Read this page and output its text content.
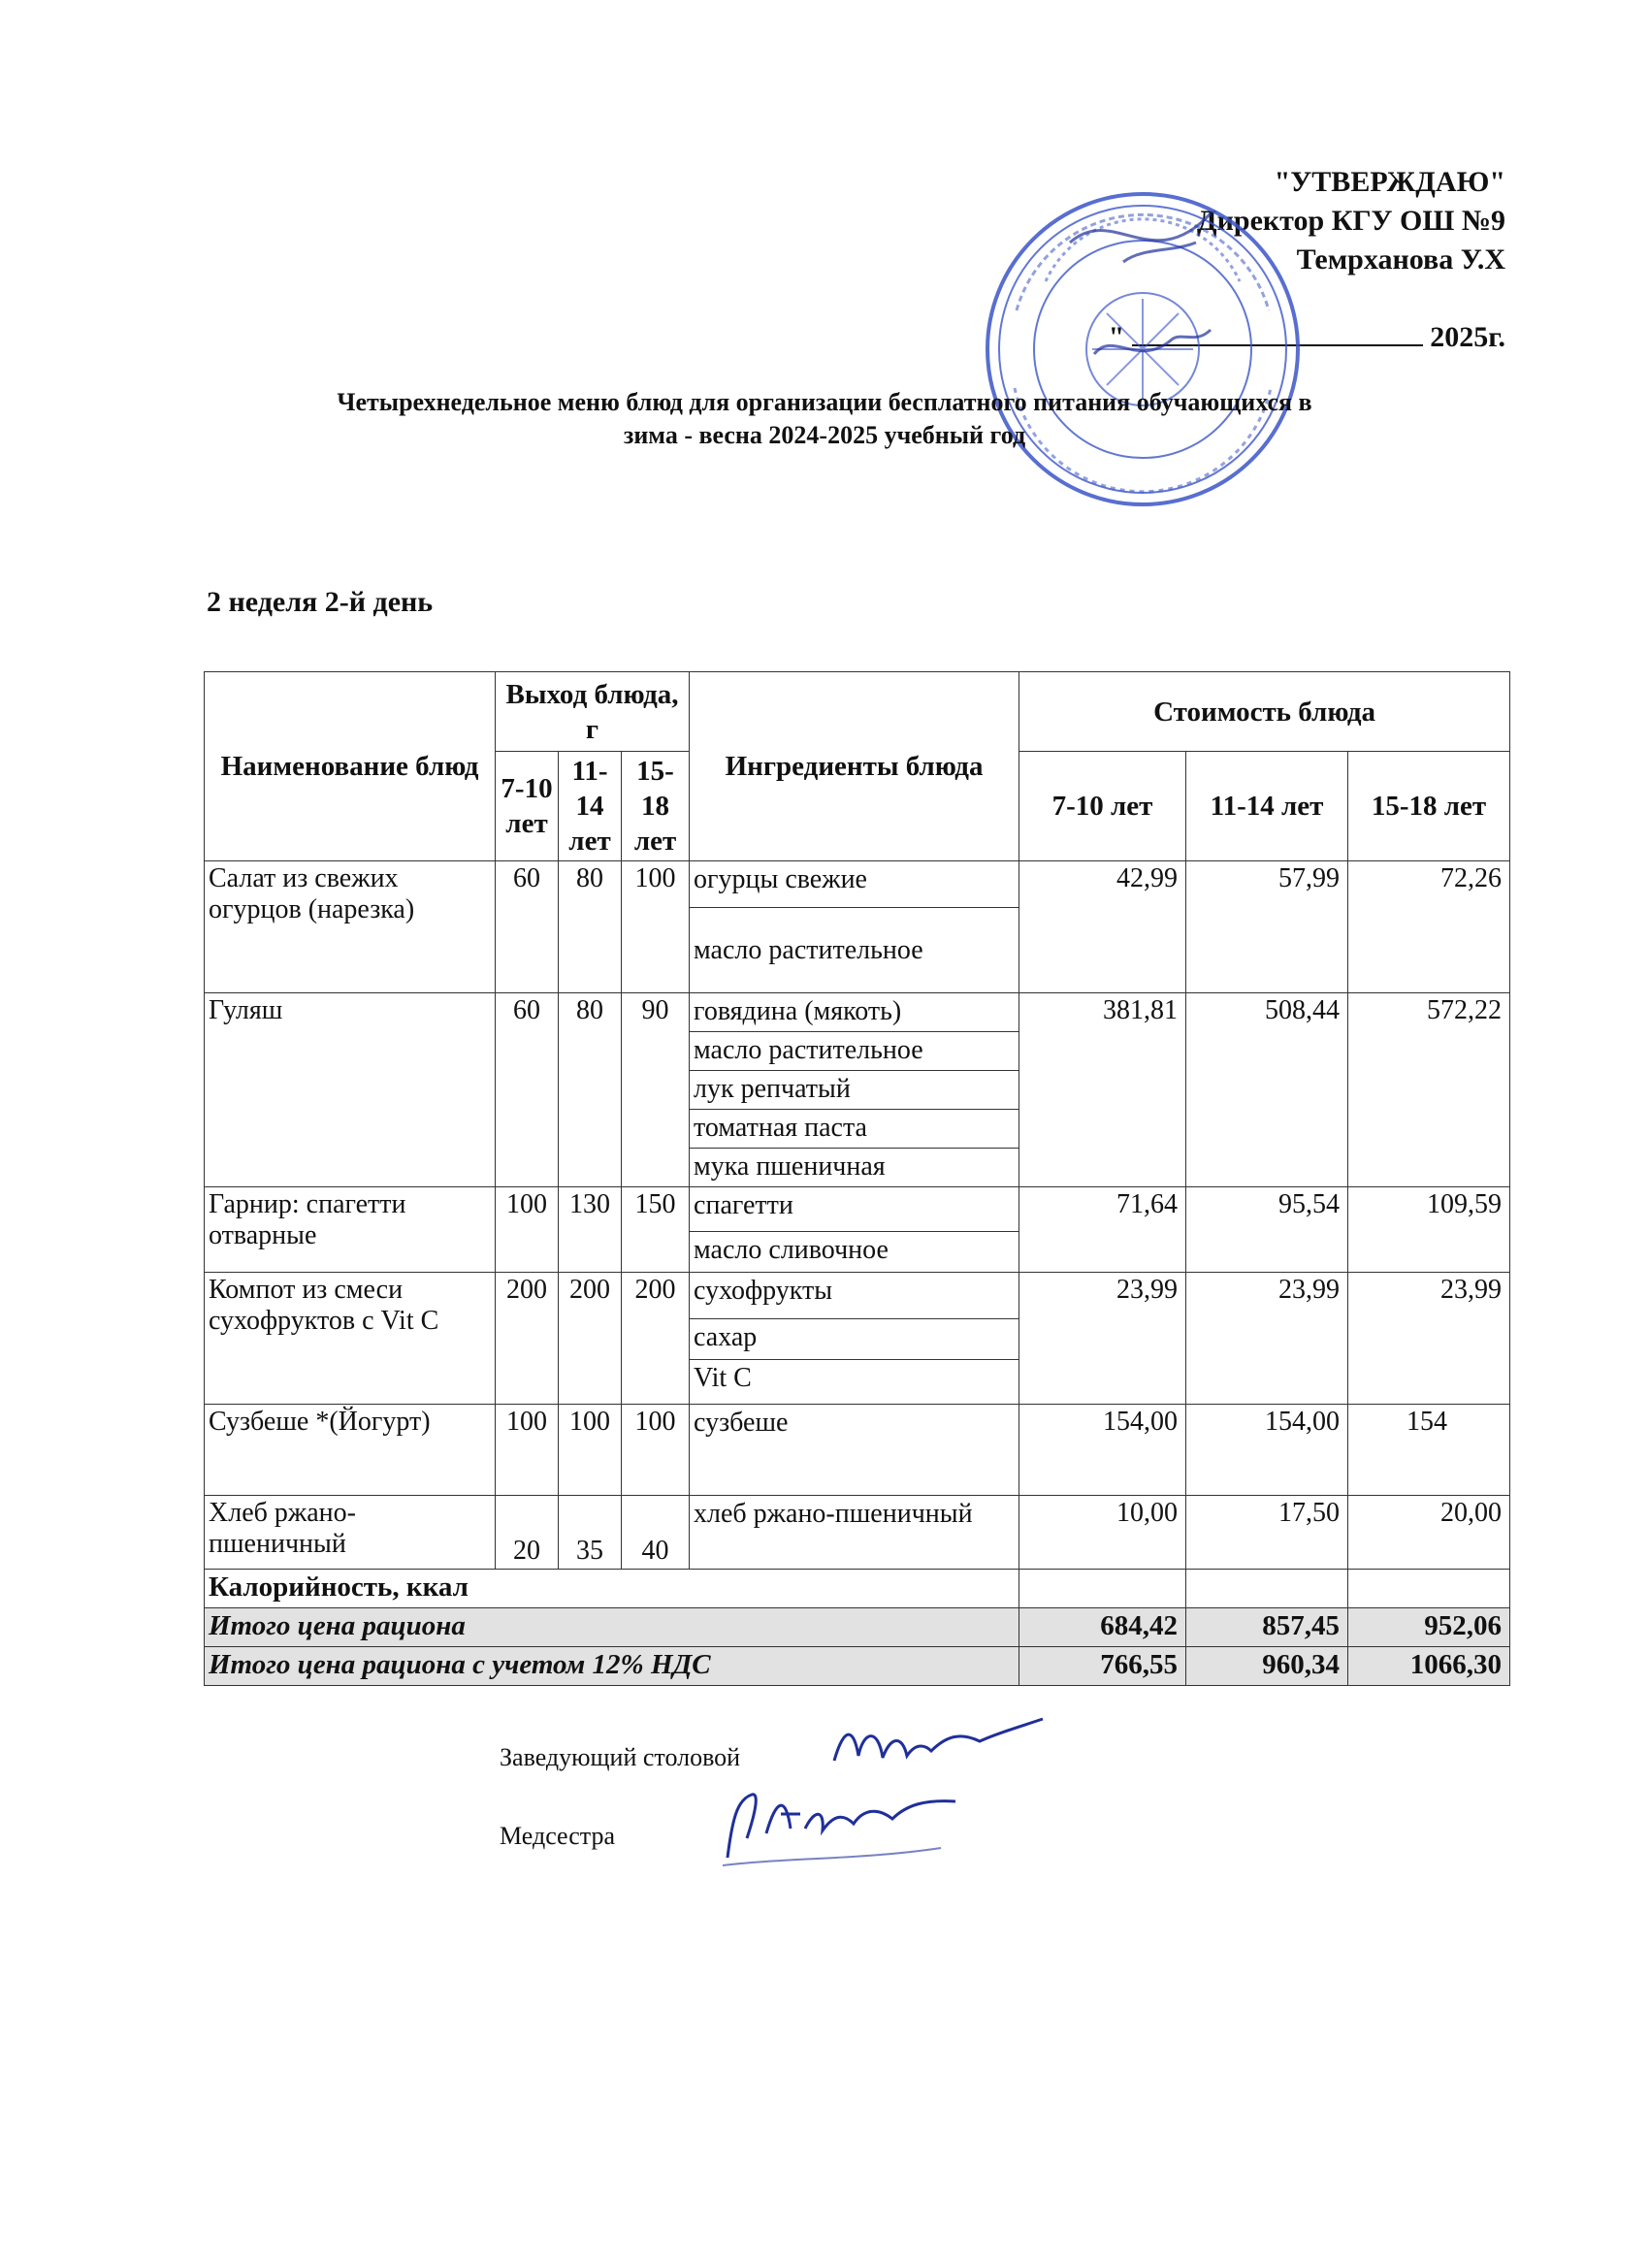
"УТВЕРЖДАЮ"
Директор КГУ ОШ №9
Темрханова У.Х
"	2025г.
Четырехнедельное меню блюд для организации бесплатного питания обучающихся в
зима - весна 2024-2025 учебный год
2 неделя 2-й день
Наименование блюд	Выход блюда, г			Ингредиенты блюда	Стоимость блюда		
	7-10 лет	11-14 лет	15-18 лет		7-10 лет	11-14 лет	15-18 лет
Салат из свежих огурцов (нарезка)	60	80	100	огурцы свежие	42,99	57,99	72,26
				масло растительное			
Гуляш	60	80	90	говядина (мякоть)	381,81	508,44	572,22
				масло растительное			
				лук репчатый			
				томатная паста			
				мука пшеничная			
Гарнир: спагетти отварные	100	130	150	спагетти	71,64	95,54	109,59
				масло сливочное			
Компот из смеси сухофруктов с Vit C	200	200	200	сухофрукты	23,99	23,99	23,99
				сахар			
				Vit C			
Сузбеше *(Йогурт)	100	100	100	сузбеше	154,00	154,00	154
Хлеб ржано-пшеничный	20	35	40	хлеб ржано-пшеничный	10,00	17,50	20,00
Калорийность, ккал							
Итого цена рациона					684,42	857,45	952,06
Итого цена рациона с учетом 12% НДС					766,55	960,34	1066,30
Заведующий столовой
Медсестра
